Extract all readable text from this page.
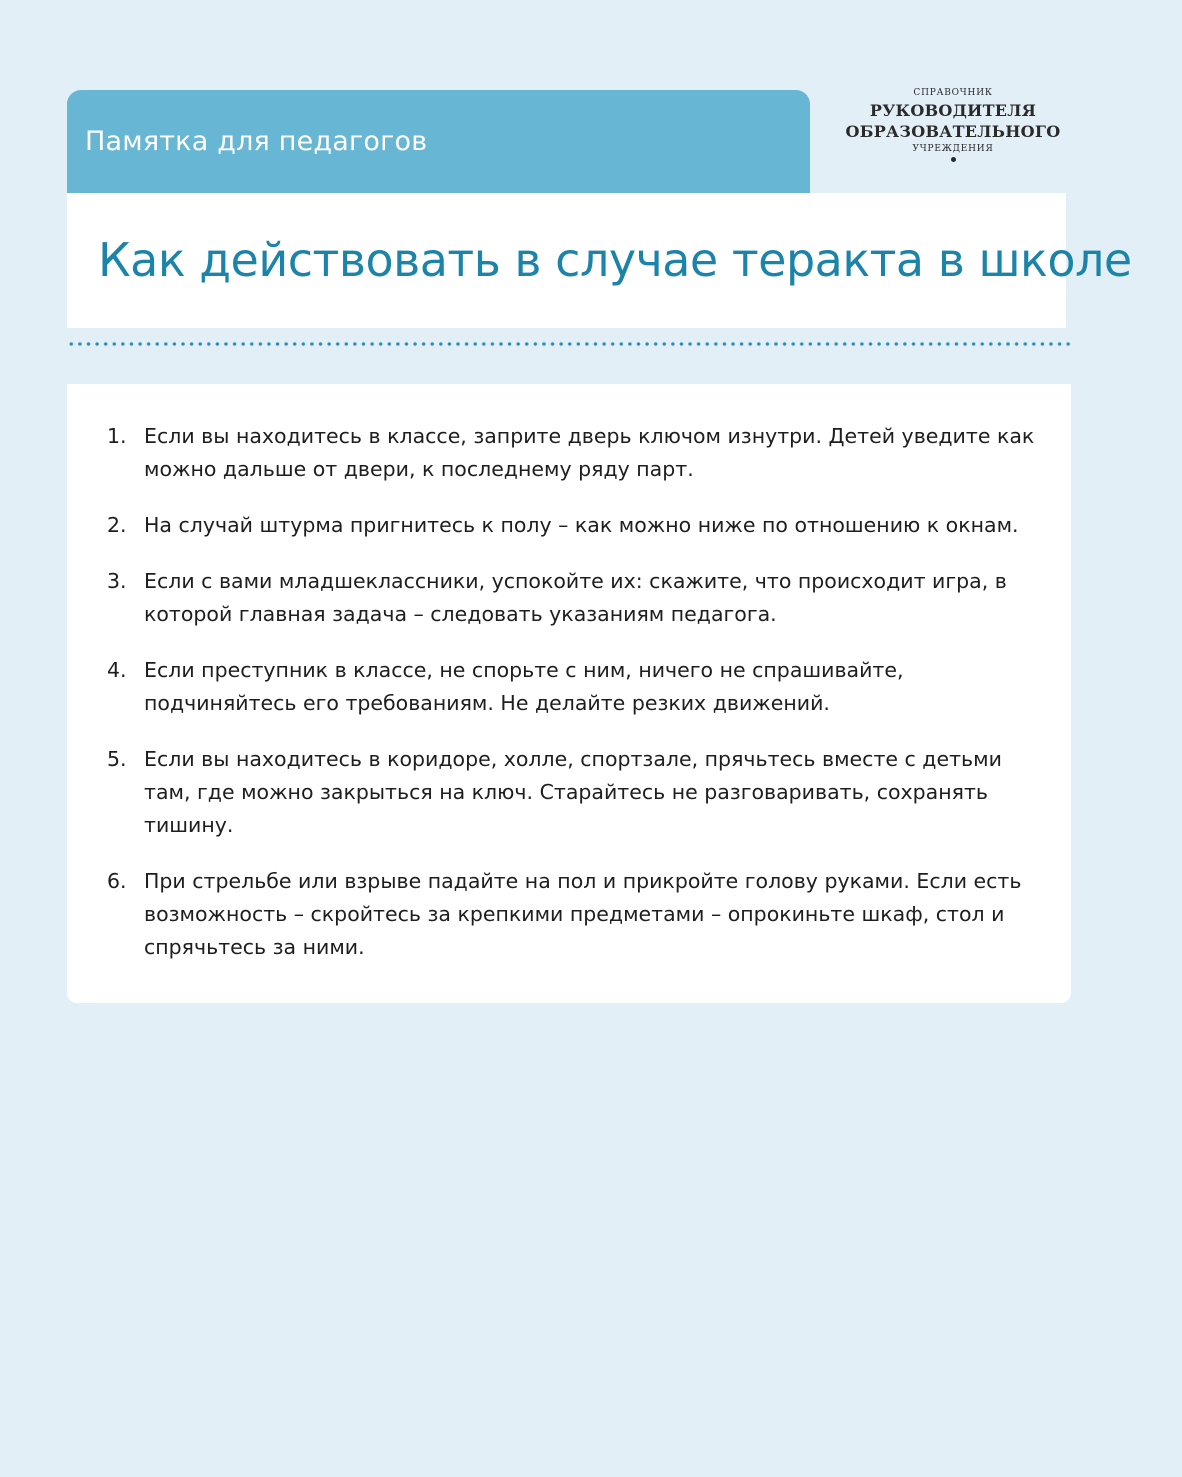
Памятка для педагогов
СПРАВОЧНИК
РУКОВОДИТЕЛЯ
ОБРАЗОВАТЕЛЬНОГО
УЧРЕЖДЕНИЯ
Как действовать в случае теракта в школе
1. Если вы находитесь в классе, заприте дверь ключом изнутри. Детей уведите как можно дальше от двери, к последнему ряду парт.
2. На случай штурма пригнитесь к полу – как можно ниже по отношению к окнам.
3. Если с вами младшеклассники, успокойте их: скажите, что происходит игра, в которой главная задача – следовать указаниям педагога.
4. Если преступник в классе, не спорьте с ним, ничего не спрашивайте, подчиняйтесь его требованиям. Не делайте резких движений.
5. Если вы находитесь в коридоре, холле, спортзале, прячьтесь вместе с детьми там, где можно закрыться на ключ. Старайтесь не разговаривать, сохранять тишину.
6. При стрельбе или взрыве падайте на пол и прикройте голову руками. Если есть возможность – скройтесь за крепкими предметами – опрокиньте шкаф, стол и спрячьтесь за ними.
